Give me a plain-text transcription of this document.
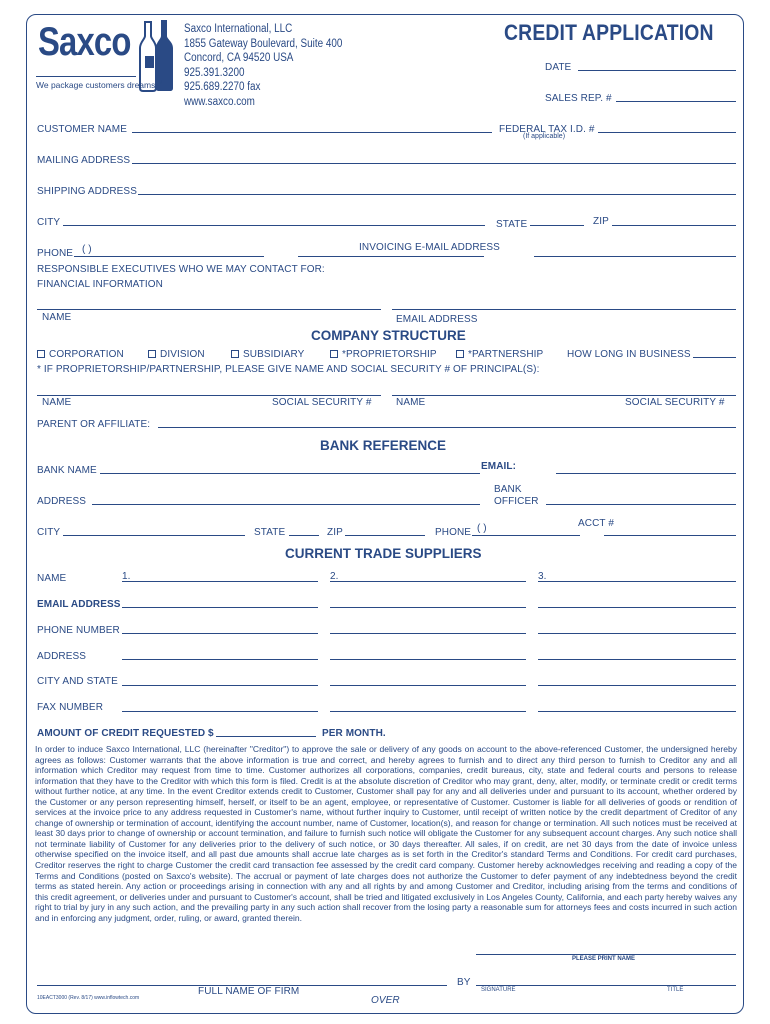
Saxco
We package customers dreams™
Saxco International, LLC
1855 Gateway Boulevard, Suite 400
Concord, CA 94520 USA
925.391.3200
925.689.2270 fax
www.saxco.com
CREDIT APPLICATION
DATE
SALES REP. #
CUSTOMER NAME	FEDERAL TAX I.D. #
(If applicable)
MAILING ADDRESS
SHIPPING ADDRESS
CITY	STATE	ZIP
PHONE ( )	INVOICING E-MAIL ADDRESS
RESPONSIBLE EXECUTIVES WHO WE MAY CONTACT FOR:
FINANCIAL INFORMATION
NAME	EMAIL ADDRESS
COMPANY STRUCTURE
CORPORATION	DIVISION	SUBSIDIARY	*PROPRIETORSHIP	*PARTNERSHIP HOW LONG IN BUSINESS
* IF PROPRIETORSHIP/PARTNERSHIP, PLEASE GIVE NAME AND SOCIAL SECURITY # OF PRINCIPAL(S):
NAME	SOCIAL SECURITY # NAME	SOCIAL SECURITY #
PARENT OR AFFILIATE:
BANK REFERENCE
BANK NAME	EMAIL:
ADDRESS
BANK
OFFICER
CITY	STATE	ZIP	PHONE ( )	ACCT #
CURRENT TRADE SUPPLIERS
NAME	1.	2.	3.
EMAIL ADDRESS
PHONE NUMBER
ADDRESS
CITY AND STATE
FAX NUMBER
AMOUNT OF CREDIT REQUESTED $	PER MONTH.
In order to induce Saxco International, LLC (hereinafter "Creditor") to approve the sale or delivery of any goods on account to the above-referenced Customer, the undersigned hereby agrees as follows: Customer warrants that the above information is true and correct, and hereby agrees to furnish and to direct any third person to furnish to Creditor any and all information which Creditor may request from time to time. Customer authorizes all corporations, companies, credit bureaus, city, state and federal courts and persons to release information that they have to the Creditor with which this form is filed. Credit is at the absolute discretion of Creditor who may grant, deny, alter, modify, or terminate credit or credit terms without further notice, at any time. In the event Creditor extends credit to Customer, Customer shall pay for any and all deliveries under and pursuant to its account, whether ordered by the Customer or any person representing himself, herself, or itself to be an agent, employee, or representative of Customer. Customer is liable for all deliveries of goods or rendition of services at the invoice price to any address requested in Customer's name, without further inquiry to Customer, until receipt of written notice by the credit department of Creditor of any change of ownership or termination of account, identifying the account number, name of Customer, location(s), and reason for change or termination. All such notices must be received at least 30 days prior to change of ownership or account termination, and failure to furnish such notice will obligate the Customer for any subsequent account charges. Any such notice shall not terminate liability of Customer for any deliveries prior to the delivery of such notice, or 30 days thereafter. All sales, if on credit, are net 30 days from the date of invoice unless otherwise specified on the invoice itself, and all past due amounts shall accrue late charges as is set forth in the Creditor's standard Terms and Conditions. For credit card purchases, Creditor reserves the right to charge Customer the credit card transaction fee assessed by the credit card company. Customer hereby acknowledges receiving and reading a copy of the Terms and Conditions (posted on Saxco's website). The accrual or payment of late charges does not authorize the Customer to defer payment of any indebtedness beyond the credit terms as stated herein. Any action or proceedings arising in connection with any and all rights by and among Customer and Creditor, including arising from the terms and conditions of this credit agreement, or deliveries under and pursuant to Customer's account, shall be tried and litigated exclusively in Los Angeles County, California, and each party hereby waives any right to trial by jury in any such action, and the prevailing party in any such action shall recover from the losing party a reasonable sum for attorneys fees and costs incurred in such action and in enforcing any judgment, order, ruling, or award, granted therein.
PLEASE PRINT NAME
BY
SIGNATURE	TITLE
FULL NAME OF FIRM
10EACT3000 (Rev. 8/17) www.inflowtech.com	OVER
